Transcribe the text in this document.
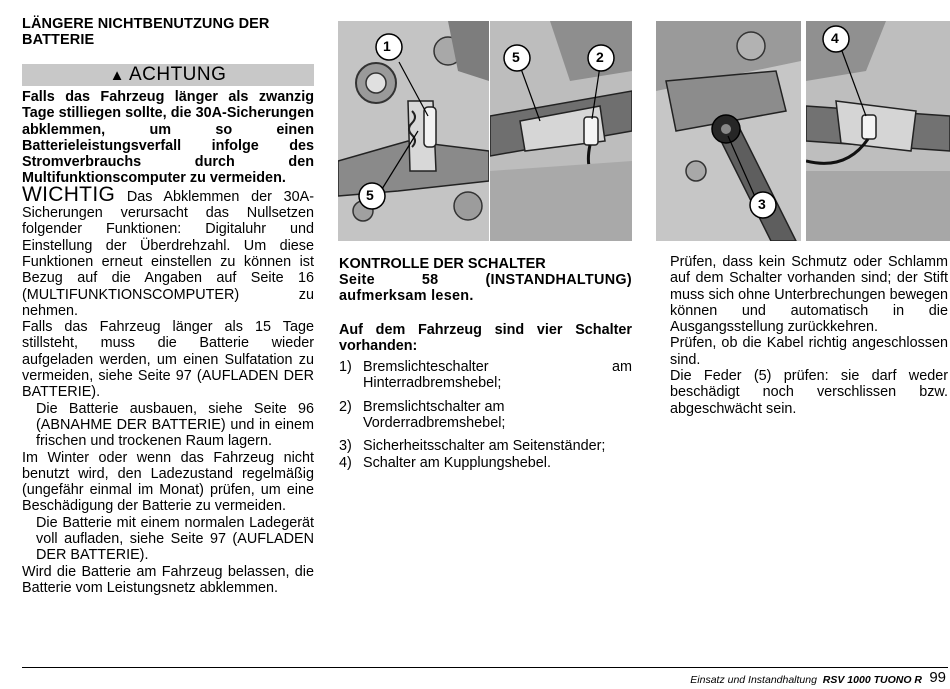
LÄNGERE NICHTBENUTZUNG DER BATTERIE
▲ ACHTUNG

Falls das Fahrzeug länger als zwanzig Tage stilliegen sollte, die 30A-Sicherungen abklemmen, um so einen Batterieleistungsverfall infolge des Stromverbrauchs durch den Multifunktionscomputer zu vermeiden.

WICHTIG Das Abklemmen der 30A-Sicherungen verursacht das Nullsetzen folgender Funktionen: Digitaluhr und Einstellung der Überdrehzahl. Um diese Funktionen erneut einstellen zu können ist Bezug auf die Angaben auf Seite 16 (MULTIFUNKTIONSCOMPUTER) zu nehmen.

Falls das Fahrzeug länger als 15 Tage stillsteht, muss die Batterie wieder aufgeladen werden, um einen Sulfatation zu vermeiden, siehe Seite 97 (AUFLADEN DER BATTERIE).

Die Batterie ausbauen, siehe Seite 96 (ABNAHME DER BATTERIE) und in einem frischen und trockenen Raum lagern.

Im Winter oder wenn das Fahrzeug nicht benutzt wird, den Ladezustand regelmäßig (ungefähr einmal im Monat) prüfen, um eine Beschädigung der Batterie zu vermeiden.

Die Batterie mit einem normalen Ladegerät voll aufladen, siehe Seite 97 (AUFLADEN DER BATTERIE).

Wird die Batterie am Fahrzeug belassen, die Batterie vom Leistungsnetz abklemmen.

1
5
5	2
3
4
KONTROLLE DER SCHALTER

Seite 58 (INSTANDHALTUNG) aufmerksam lesen.

Auf dem Fahrzeug sind vier Schalter vorhanden:

1) Bremslichteschalter am Hinterradbremshebel;
2) Bremslichtschalter am Vorderradbremshebel;
3) Sicherheitsschalter am Seitenständer;
4) Schalter am Kupplungshebel.

Prüfen, dass kein Schmutz oder Schlamm auf dem Schalter vorhanden sind; der Stift muss sich ohne Unterbrechungen bewegen können und automatisch in die Ausgangsstellung zurückkehren.

Prüfen, ob die Kabel richtig angeschlossen sind.

Die Feder (5) prüfen: sie darf weder beschädigt noch verschlissen bzw. abgeschwächt sein.

Einsatz und Instandhaltung RSV 1000 TUONO R 99
